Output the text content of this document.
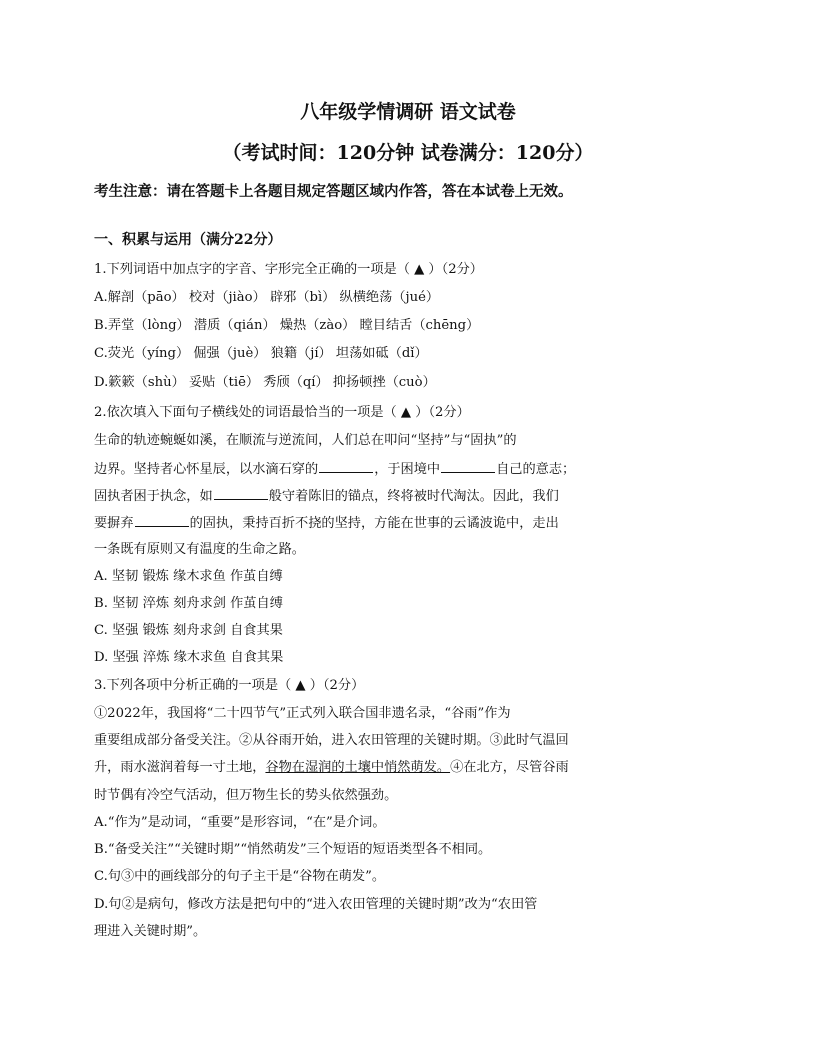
八年级学情调研 语文试卷
（考试时间：120分钟 试卷满分：120分）
考生注意：请在答题卡上各题目规定答题区域内作答，答在本试卷上无效。
一、积累与运用（满分22分）
1.下列词语中加点字的字音、字形完全正确的一项是（ ▲ ）（2分）
A.解剖（pāo） 校对（jiào） 辟邪（bì） 纵横绝荡（jué）
B.弄堂（lòng） 潜质（qián） 燥热（zào） 瞠目结舌（chēng）
C.荧光（yíng） 倔强（juè） 狼籍（jí） 坦荡如砥（dǐ）
D.簌簌（shù） 妥贴（tiē） 秀颀（qí） 抑扬顿挫（cuò）
2.依次填入下面句子横线处的词语最恰当的一项是（ ▲ ）（2分）
生命的轨迹蜿蜒如溪，在顺流与逆流间，人们总在叩问“坚持”与“固执”的
边界。坚持者心怀星辰，以水滴石穿的	，于困境中	自己的意志；
固执者困于执念，如	般守着陈旧的锚点，终将被时代淘汰。因此，我们
要摒弃	的固执，秉持百折不挠的坚持，方能在世事的云谲波诡中，走出
一条既有原则又有温度的生命之路。
A. 坚韧 锻炼 缘木求鱼 作茧自缚
B. 坚韧 淬炼 刻舟求剑 作茧自缚
C. 坚强 锻炼 刻舟求剑 自食其果
D. 坚强 淬炼 缘木求鱼 自食其果
3.下列各项中分析正确的一项是（ ▲ ）（2分）
①2022年，我国将“二十四节气”正式列入联合国非遗名录，“谷雨”作为
重要组成部分备受关注。②从谷雨开始，进入农田管理的关键时期。③此时气温回
升，雨水滋润着每一寸土地，谷物在湿润的土壤中悄然萌发。④在北方，尽管谷雨
时节偶有冷空气活动，但万物生长的势头依然强劲。
A.“作为”是动词，“重要”是形容词，“在”是介词。
B.“备受关注”“关键时期”“悄然萌发”三个短语的短语类型各不相同。
C.句③中的画线部分的句子主干是“谷物在萌发”。
D.句②是病句，修改方法是把句中的“进入农田管理的关键时期”改为“农田管
理进入关键时期”。
